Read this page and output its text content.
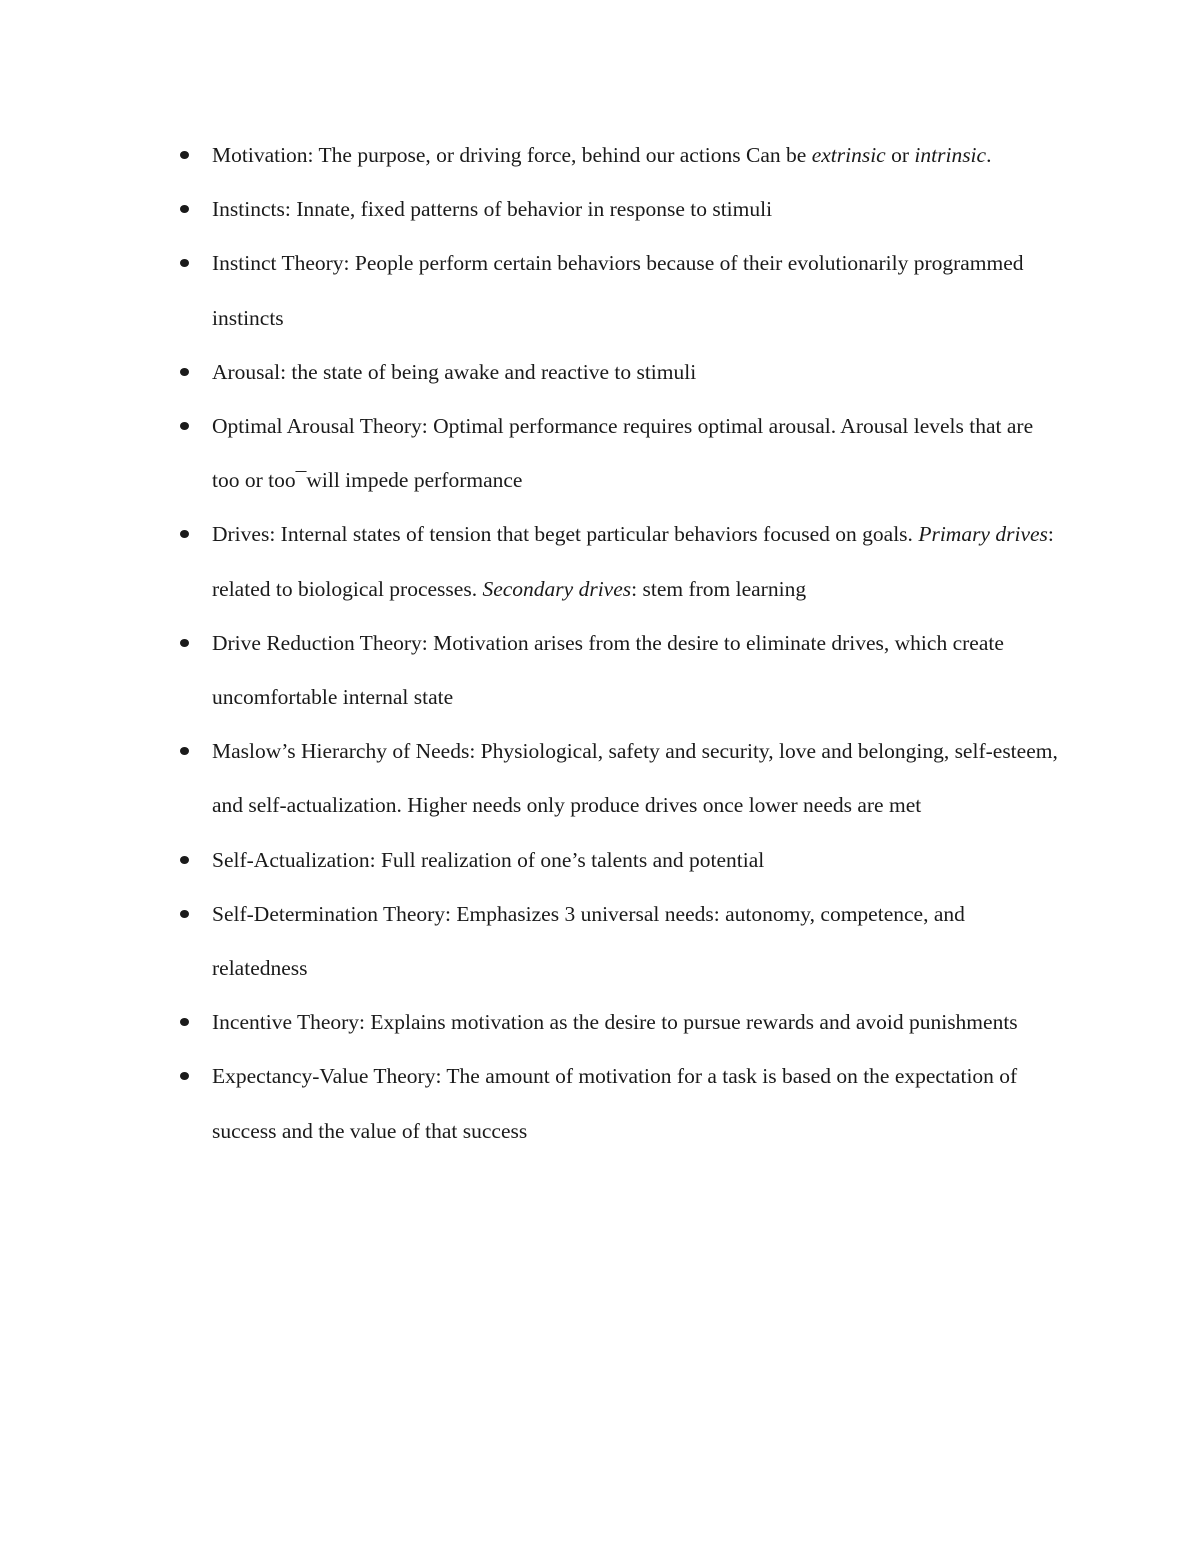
Motivation: The purpose, or driving force, behind our actions Can be extrinsic or intrinsic.
Instincts: Innate, fixed patterns of behavior in response to stimuli
Instinct Theory: People perform certain behaviors because of their evolutionarily programmed instincts
Arousal: the state of being awake and reactive to stimuli
Optimal Arousal Theory: Optimal performance requires optimal arousal. Arousal levels that are too or too¯will impede performance
Drives: Internal states of tension that beget particular behaviors focused on goals. Primary drives: related to biological processes. Secondary drives: stem from learning
Drive Reduction Theory: Motivation arises from the desire to eliminate drives, which create uncomfortable internal state
Maslow’s Hierarchy of Needs: Physiological, safety and security, love and belonging, self-esteem, and self-actualization. Higher needs only produce drives once lower needs are met
Self-Actualization: Full realization of one’s talents and potential
Self-Determination Theory: Emphasizes 3 universal needs: autonomy, competence, and relatedness
Incentive Theory: Explains motivation as the desire to pursue rewards and avoid punishments
Expectancy-Value Theory: The amount of motivation for a task is based on the expectation of success and the value of that success
